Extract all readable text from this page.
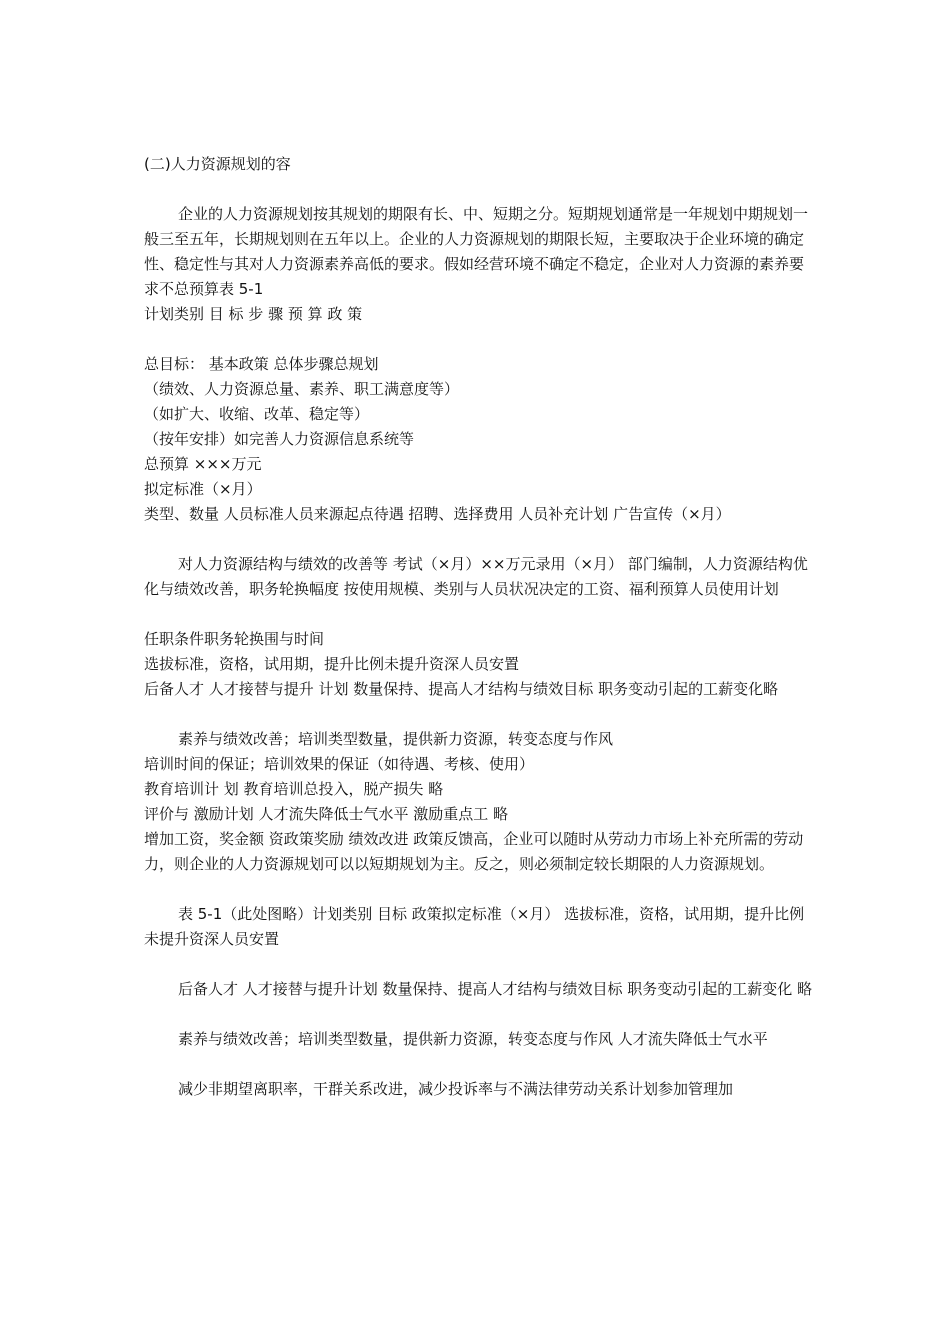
(二)人力资源规划的容

企业的人力资源规划按其规划的期限有长、中、短期之分。短期规划通常是一年规划中期规划一般三至五年，长期规划则在五年以上。企业的人力资源规划的期限长短，主要取决于企业环境的确定性、稳定性与其对人力资源素养高低的要求。假如经营环境不确定不稳定，企业对人力资源的素养要求不总预算表 5-1

计划类别 目 标 步 骤 预 算 政 策

总目标： 基本政策 总体步骤总规划

（绩效、人力资源总量、素养、职工满意度等）

（如扩大、收缩、改革、稳定等）

（按年安排）如完善人力资源信息系统等

总预算 ×××万元

拟定标准（×月）

类型、数量 人员标准人员来源起点待遇 招聘、选择费用 人员补充计划 广告宣传（×月）

对人力资源结构与绩效的改善等 考试（×月）××万元录用（×月） 部门编制，人力资源结构优化与绩效改善，职务轮换幅度 按使用规模、类别与人员状况决定的工资、福利预算人员使用计划

任职条件职务轮换围与时间

选拔标准，资格，试用期，提升比例未提升资深人员安置

后备人才 人才接替与提升 计划 数量保持、提高人才结构与绩效目标 职务变动引起的工薪变化略

素养与绩效改善；培训类型数量，提供新力资源，转变态度与作风

培训时间的保证；培训效果的保证（如待遇、考核、使用）

教育培训计 划 教育培训总投入，脱产损失 略

评价与 激励计划 人才流失降低士气水平 激励重点工 略

增加工资，奖金额 资政策奖励 绩效改进 政策反馈高，企业可以随时从劳动力市场上补充所需的劳动力，则企业的人力资源规划可以以短期规划为主。反之，则必须制定较长期限的人力资源规划。

表 5-1（此处图略）计划类别 目标 政策拟定标准（×月） 选拔标准，资格，试用期，提升比例未提升资深人员安置

后备人才 人才接替与提升计划 数量保持、提高人才结构与绩效目标 职务变动引起的工薪变化 略

素养与绩效改善；培训类型数量，提供新力资源，转变态度与作风 人才流失降低士气水平

减少非期望离职率，干群关系改进，减少投诉率与不满法律劳动关系计划参加管理加
